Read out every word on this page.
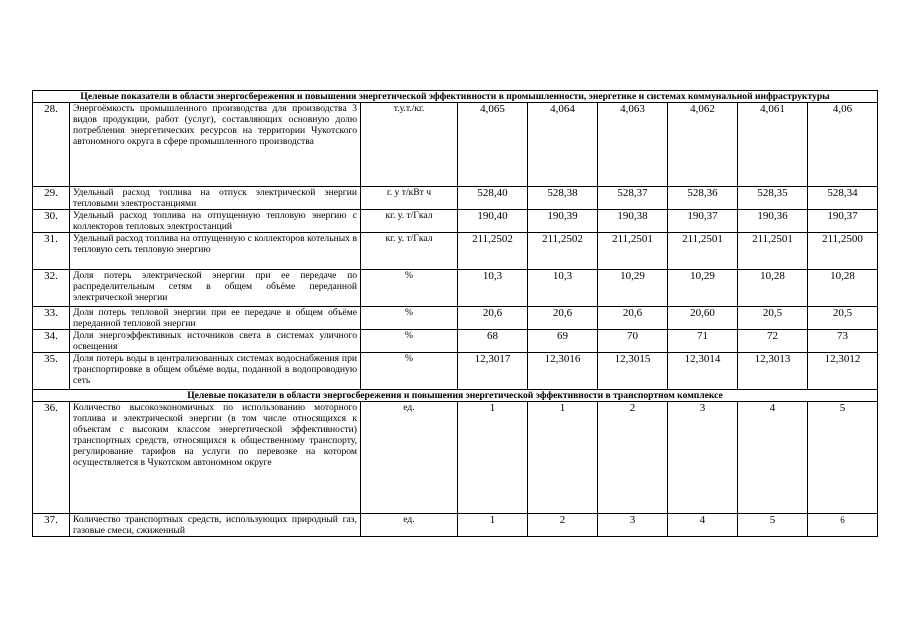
Целевые показатели в области энергосбережения и повышения энергетической эффективности в промышленности, энергетике и системах коммунальной инфраструктуры								
28.	Энергоёмкость промышленного производства для производства 3 видов продукции, работ (услуг), составляющих основную долю потребления энергетических ресурсов на территории Чукотского автономного округа в сфере промышленного производства	т.у.т./кг.	4,065	4,064	4,063	4,062	4,061	4,06
29.	Удельный расход топлива на отпуск электрической энергии тепловыми электростанциями	г. у т/кВт ч	528,40	528,38	528,37	528,36	528,35	528,34
30.	Удельный расход топлива на отпущенную тепловую энергию с коллекторов тепловых электростанций	кг. у. т/Гкал	190,40	190,39	190,38	190,37	190,36	190,37
31.	Удельный расход топлива на отпущенную с коллекторов котельных в тепловую сеть тепловую энергию	кг. у. т/Гкал	211,2502	211,2502	211,2501	211,2501	211,2501	211,2500
32.	Доля потерь электрической энергии при ее передаче по распределительным сетям в общем объёме переданной электрической энергии	%	10,3	10,3	10,29	10,29	10,28	10,28
33.	Доля потерь тепловой энергии при ее передаче в общем объёме переданной тепловой энергии	%	20,6	20,6	20,6	20,60	20,5	20,5
34.	Доля энергоэффективных источников света в системах уличного освещения	%	68	69	70	71	72	73
35.	Доля потерь воды в централизованных системах водоснабжения при транспортировке в общем объёме воды, поданной в водопроводную сеть	%	12,3017	12,3016	12,3015	12,3014	12,3013	12,3012
Целевые показатели в области энергосбережения и повышения энергетической эффективности в транспортном комплексе								
36.	Количество высокоэкономичных по использованию моторного топлива и электрической энергии (в том числе относящихся к объектам с высоким классом энергетической эффективности) транспортных средств, относящихся к общественному транспорту, регулирование тарифов на услуги по перевозке на котором осуществляется в Чукотском автономном округе	ед.	1	1	2	3	4	5
37.	Количество транспортных средств, использующих природный газ, газовые смеси, сжиженный	ед.	1	2	3	4	5	6
